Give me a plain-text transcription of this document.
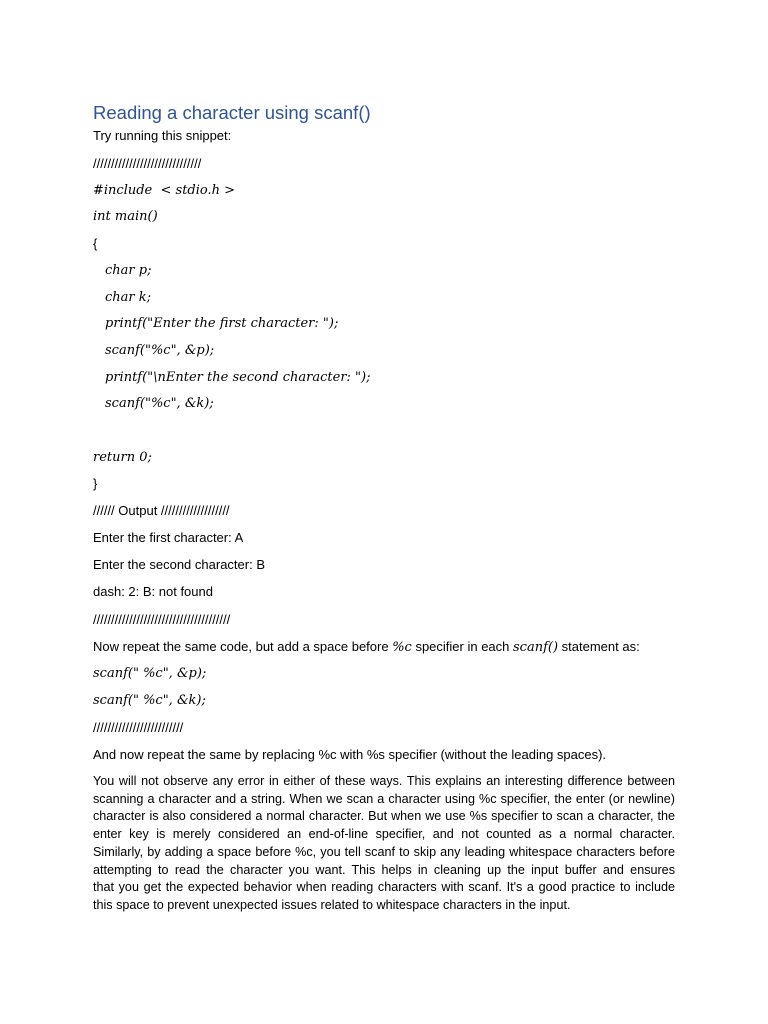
Reading a character using scanf()
Try running this snippet:
//////////////////////////////
#include  < stdio.h >
int main()
{
char p;
char k;
printf("Enter the first character: ");
scanf("%c", &p);
printf("\nEnter the second character: ");
scanf("%c", &k);
return 0;
}
////// Output ///////////////////
Enter the first character: A
Enter the second character: B
dash: 2: B: not found
//////////////////////////////////////
Now repeat the same code, but add a space before %c specifier in each scanf() statement as:
scanf(" %c", &p);
scanf(" %c", &k);
/////////////////////////
And now repeat the same by replacing %c with %s specifier (without the leading spaces).
You will not observe any error in either of these ways. This explains an interesting difference between
scanning a character and a string. When we scan a character using %c specifier, the enter (or newline)
character is also considered a normal character. But when we use %s specifier to scan a character, the
enter key is merely considered an end-of-line specifier, and not counted as a normal character.
Similarly, by adding a space before %c, you tell scanf to skip any leading whitespace characters before
attempting to read the character you want. This helps in cleaning up the input buffer and ensures
that you get the expected behavior when reading characters with scanf. It's a good practice to include
this space to prevent unexpected issues related to whitespace characters in the input.
